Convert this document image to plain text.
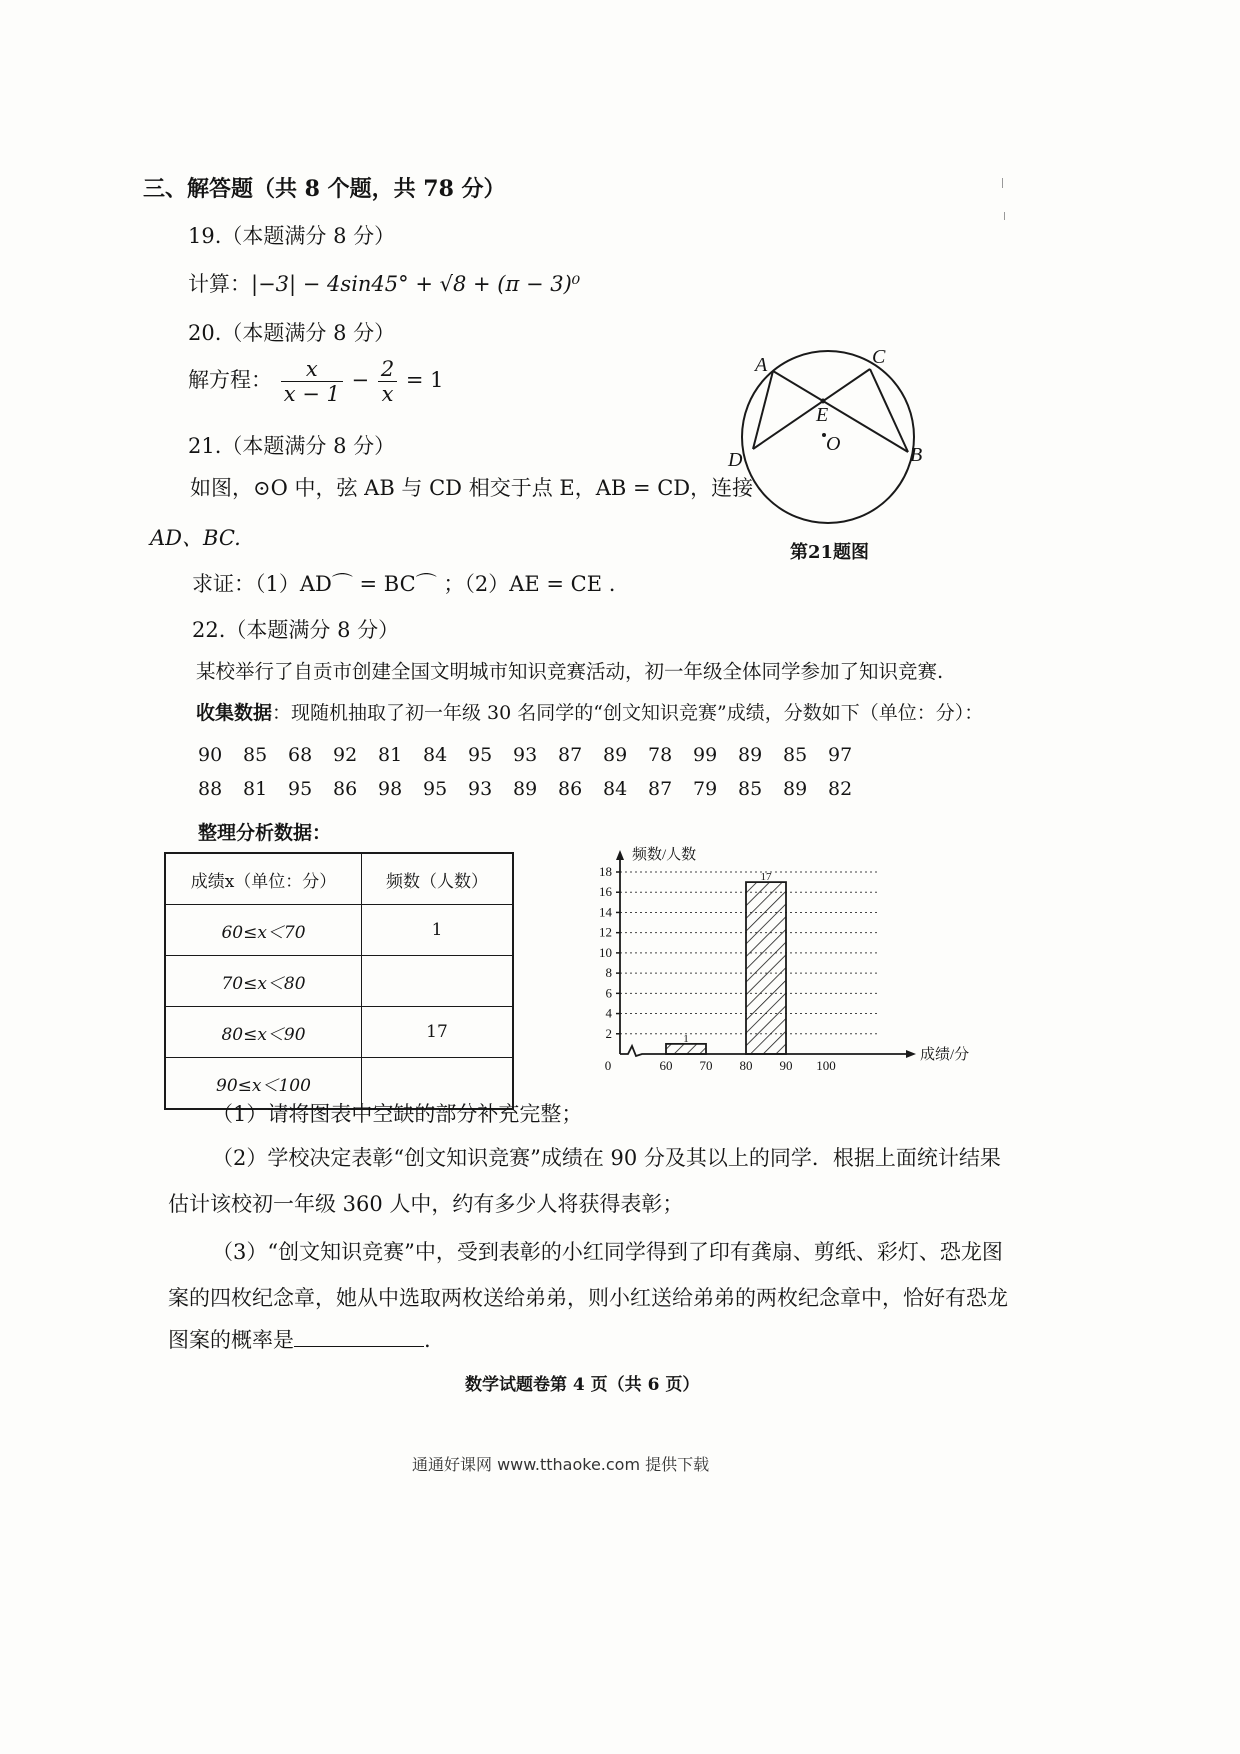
三、解答题（共 8 个题，共 78 分）
19.（本题满分 8 分）
计算：|−3| − 4sin45° + √8 + (π − 3)⁰
20.（本题满分 8 分）
解方程： $\frac{x}{x - 1} - \frac{2}{x} = 1$
21.（本题满分 8 分）
如图，⊙O 中，弦 AB 与 CD 相交于点 E，AB = CD，连接
AD、BC.
求证：（1）AD⌒ = BC⌒ ；（2）AE = CE .
A	C
E
O
D	B
第21题图
22.（本题满分 8 分）
某校举行了自贡市创建全国文明城市知识竞赛活动，初一年级全体同学参加了知识竞赛.
收集数据：现随机抽取了初一年级 30 名同学的“创文知识竞赛”成绩，分数如下（单位：分）：
90 85 68 92 81 84 95 93 87 89 78 99 89 85 97
88 81 95 86 98 95 93 89 86 84 87 79 85 89 82
整理分析数据：
成绩x（单位：分）	频数（人数）
60≤x＜70	1
70≤x＜80	
80≤x＜90	17
90≤x＜100	
2
4
6
8
10
12
14
16
18
60 70 80 90 100
0
频数/人数
成绩/分
1
17
（1）请将图表中空缺的部分补充完整；
（2）学校决定表彰“创文知识竞赛”成绩在 90 分及其以上的同学．根据上面统计结果
估计该校初一年级 360 人中，约有多少人将获得表彰；
（3）“创文知识竞赛”中，受到表彰的小红同学得到了印有龚扇、剪纸、彩灯、恐龙图
案的四枚纪念章，她从中选取两枚送给弟弟，则小红送给弟弟的两枚纪念章中，恰好有恐龙
图案的概率是	.
数学试题卷第 4 页（共 6 页）
通通好课网 www.tthaoke.com 提供下载
